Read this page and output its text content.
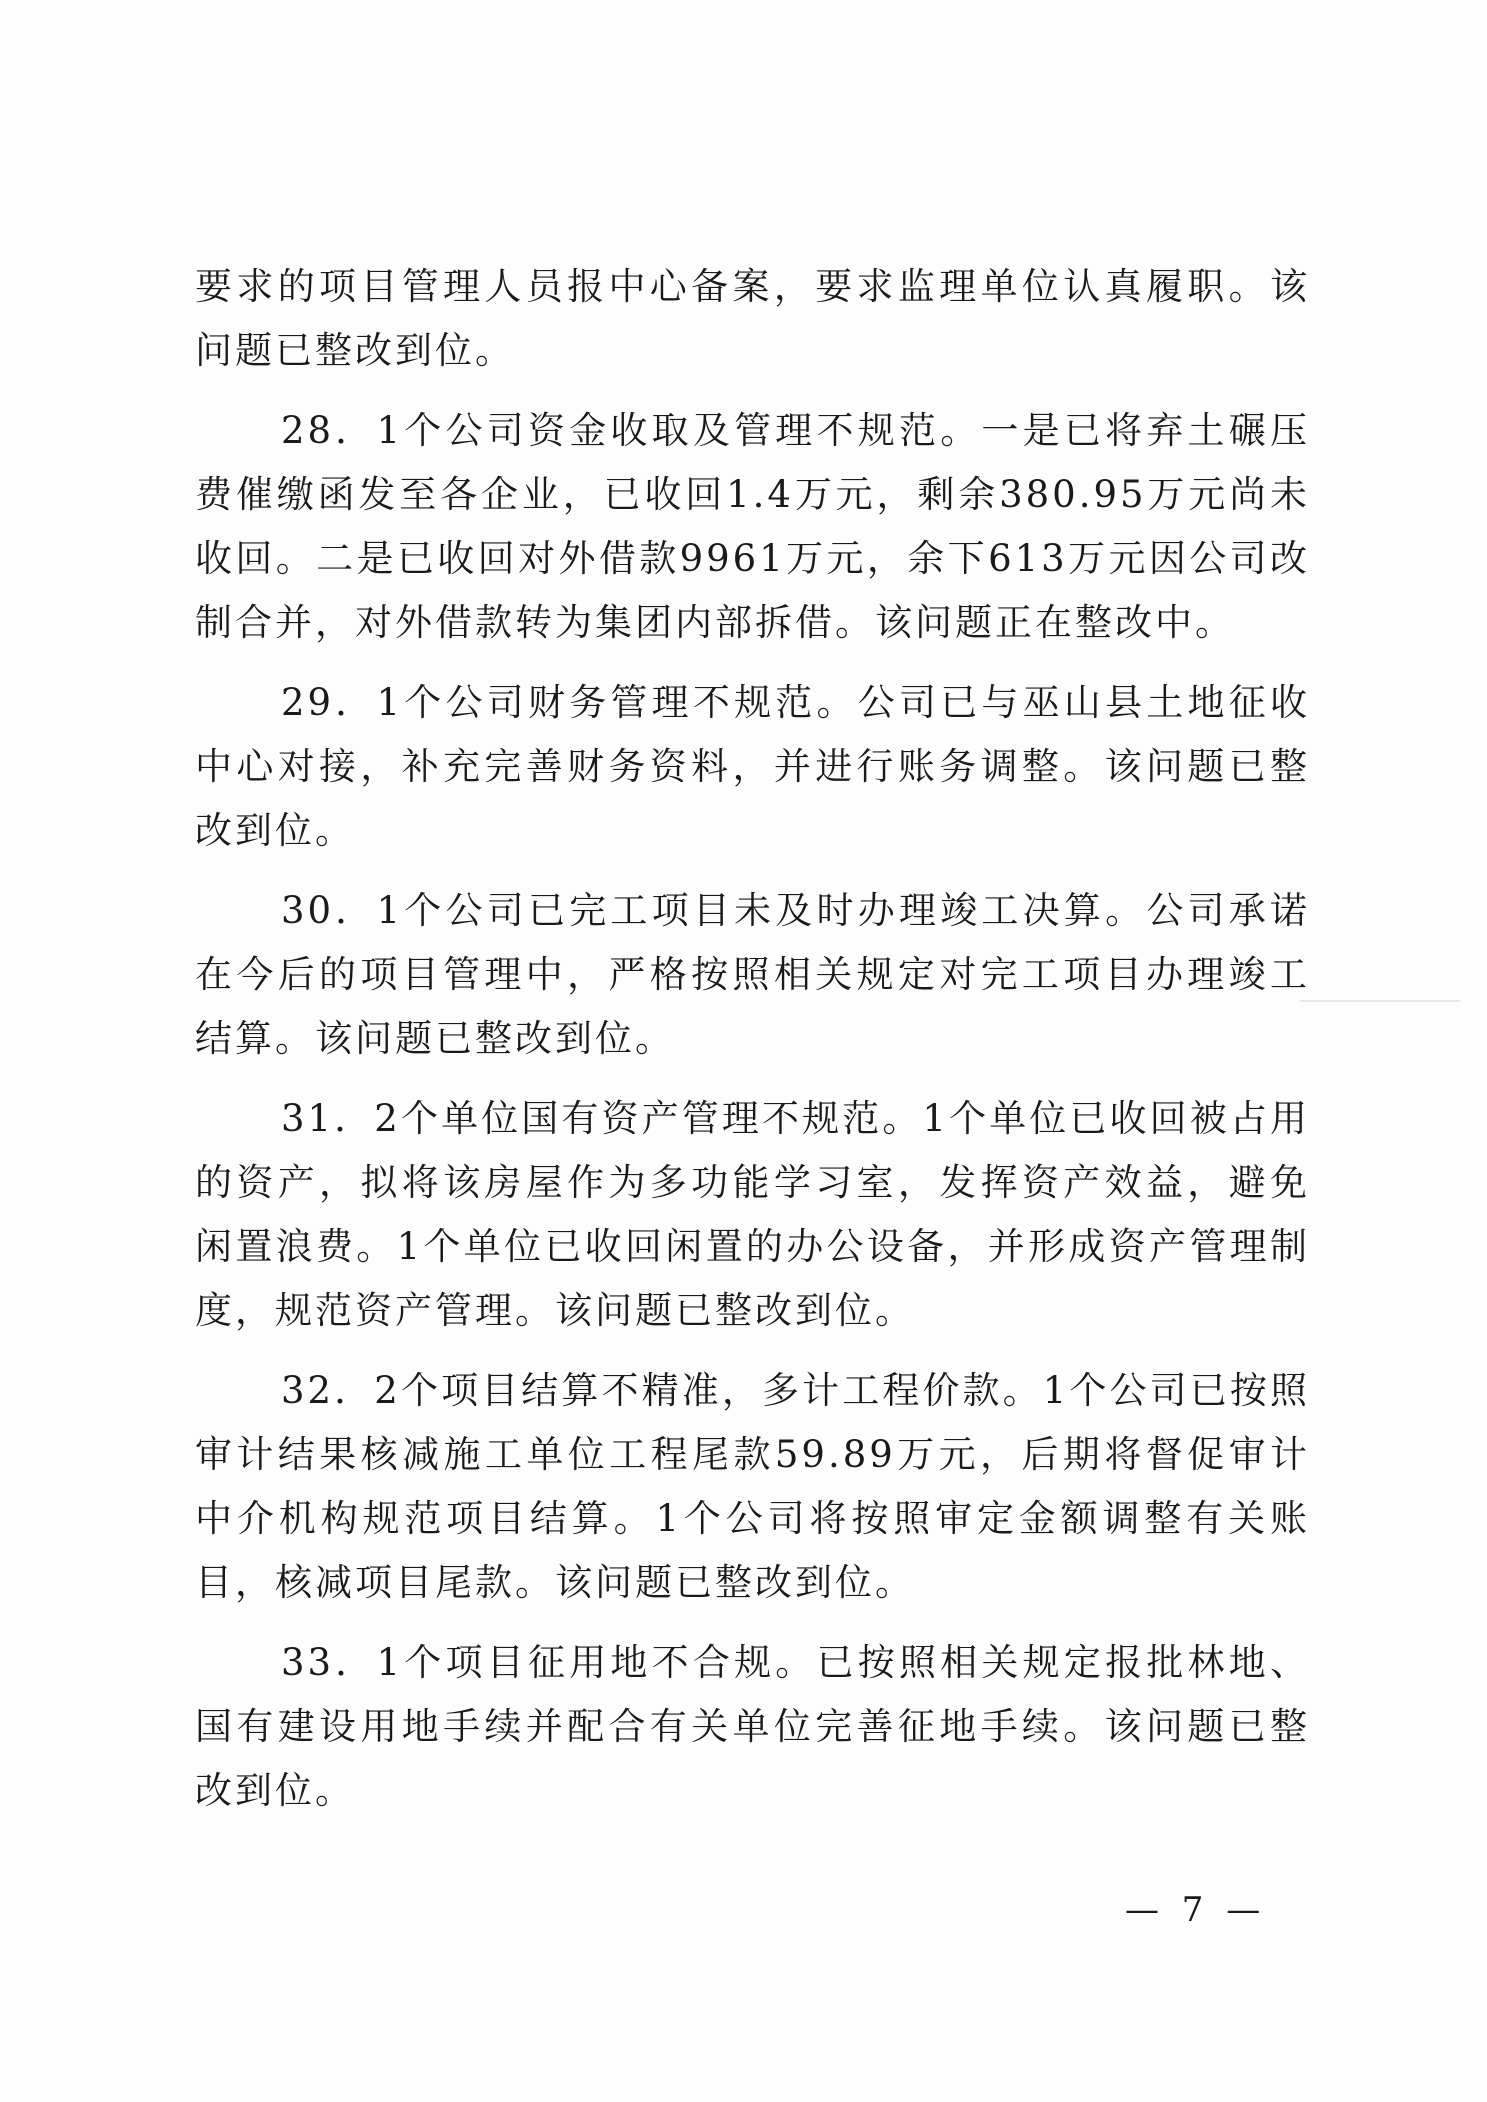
要求的项目管理人员报中心备案，要求监理单位认真履职。该问题已整改到位。

28．1个公司资金收取及管理不规范。一是已将弃土碾压费催缴函发至各企业，已收回1.4万元，剩余380.95万元尚未收回。二是已收回对外借款9961万元，余下613万元因公司改制合并，对外借款转为集团内部拆借。该问题正在整改中。

29．1个公司财务管理不规范。公司已与巫山县土地征收中心对接，补充完善财务资料，并进行账务调整。该问题已整改到位。

30．1个公司已完工项目未及时办理竣工决算。公司承诺在今后的项目管理中，严格按照相关规定对完工项目办理竣工结算。该问题已整改到位。

31．2个单位国有资产管理不规范。1个单位已收回被占用的资产，拟将该房屋作为多功能学习室，发挥资产效益，避免闲置浪费。1个单位已收回闲置的办公设备，并形成资产管理制度，规范资产管理。该问题已整改到位。

32．2个项目结算不精准，多计工程价款。1个公司已按照审计结果核减施工单位工程尾款59.89万元，后期将督促审计中介机构规范项目结算。1个公司将按照审定金额调整有关账目，核减项目尾款。该问题已整改到位。

33．1个项目征用地不合规。已按照相关规定报批林地、国有建设用地手续并配合有关单位完善征地手续。该问题已整改到位。

— 7 —
